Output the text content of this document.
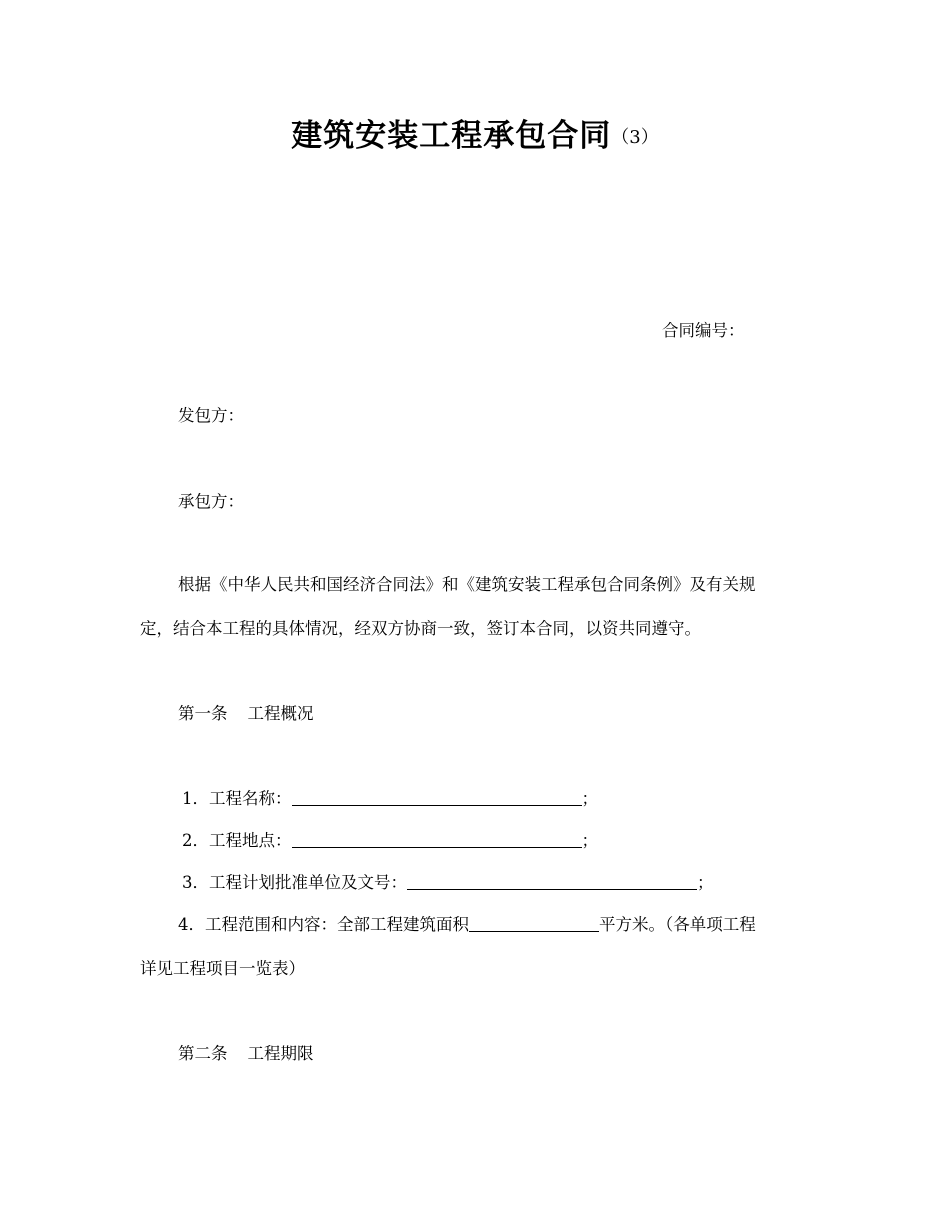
建筑安装工程承包合同（3）
合同编号：
发包方：
承包方：
根据《中华人民共和国经济合同法》和《建筑安装工程承包合同条例》及有关规
定，结合本工程的具体情况，经双方协商一致，签订本合同，以资共同遵守。
第一条 工程概况
1．工程名称：	；
2．工程地点：	；
3．工程计划批准单位及文号：	；
4．工程范围和内容：全部工程建筑面积	平方米。（各单项工程
详见工程项目一览表）
第二条 工程期限
